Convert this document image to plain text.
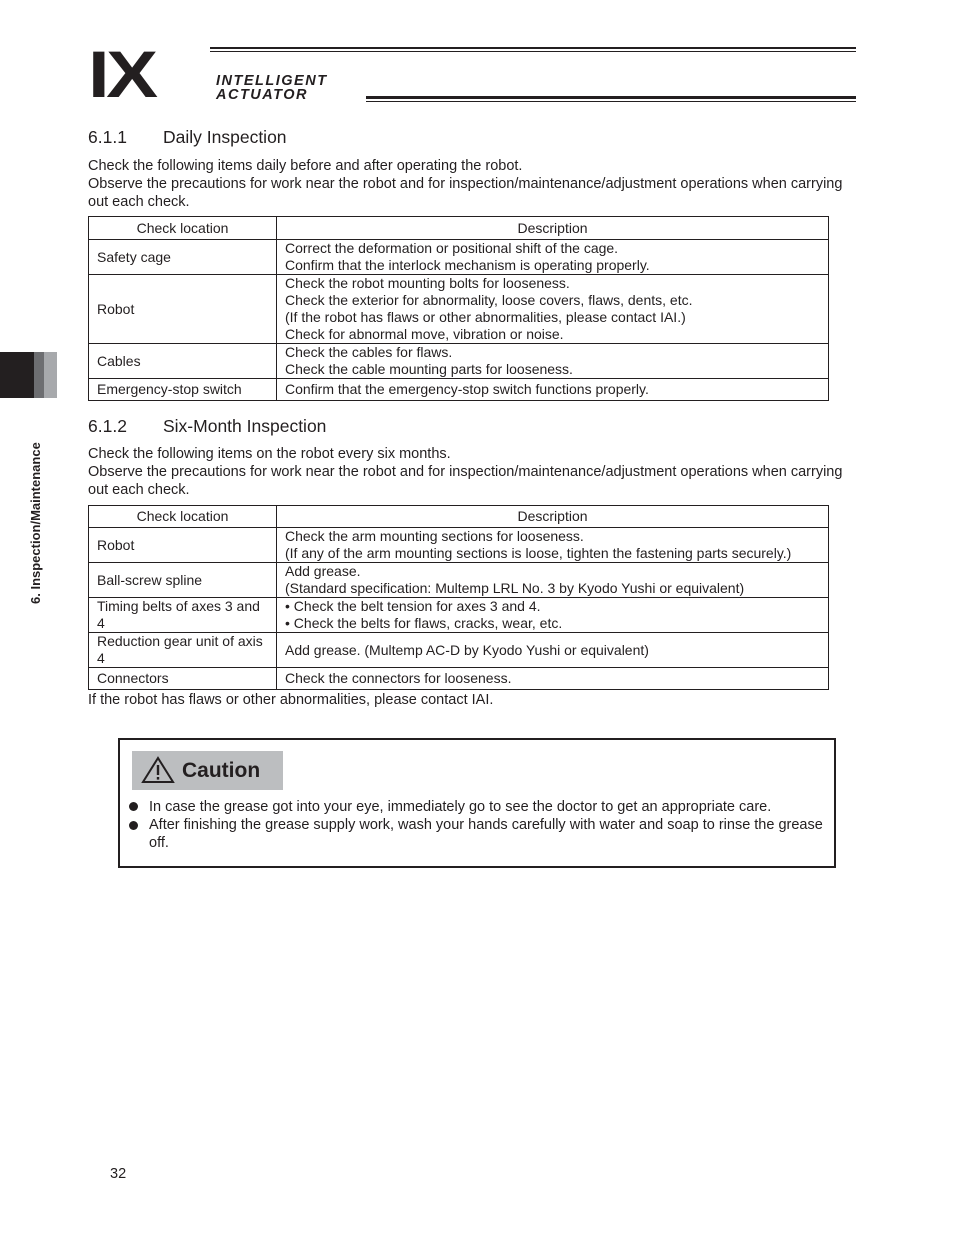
IX	INTELLIGENT
ACTUATOR
6. Inspection/Maintenance
6.1.1 Daily Inspection
Check the following items daily before and after operating the robot.
Observe the precautions for work near the robot and for inspection/maintenance/adjustment operations when carrying out each check.
Check location	Description
Safety cage	Correct the deformation or positional shift of the cage.
Confirm that the interlock mechanism is operating properly.

Robot	Check the robot mounting bolts for looseness.
Check the exterior for abnormality, loose covers, flaws, dents, etc.
(If the robot has flaws or other abnormalities, please contact IAI.)
Check for abnormal move, vibration or noise.

Cables	Check the cables for flaws.
Check the cable mounting parts for looseness.

Emergency-stop switch	Confirm that the emergency-stop switch functions properly.
6.1.2 Six-Month Inspection
Check the following items on the robot every six months.
Observe the precautions for work near the robot and for inspection/maintenance/adjustment operations when carrying out each check.
Check location	Description
Robot	Check the arm mounting sections for looseness.
(If any of the arm mounting sections is loose, tighten the fastening parts securely.)

Ball-screw spline	Add grease.
(Standard specification: Multemp LRL No. 3 by Kyodo Yushi or equivalent)

Timing belts of axes 3 and 4	• Check the belt tension for axes 3 and 4.
• Check the belts for flaws, cracks, wear, etc.

Reduction gear unit of axis 4	Add grease. (Multemp AC-D by Kyodo Yushi or equivalent)

Connectors	Check the connectors for looseness.
If the robot has flaws or other abnormalities, please contact IAI.
Caution
In case the grease got into your eye, immediately go to see the doctor to get an appropriate care.
After finishing the grease supply work, wash your hands carefully with water and soap to rinse the grease off.
32
